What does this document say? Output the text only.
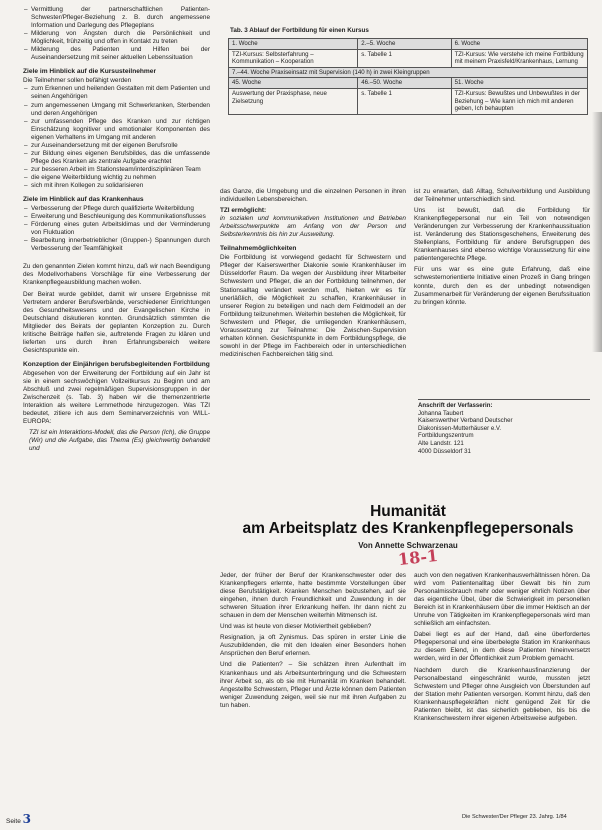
– Vermittlung der partnerschaftlichen Patienten-Schwester/Pfleger-Beziehung z. B. durch angemessene Information und Darlegung des Pflegeplans
– Milderung von Ängsten durch die Persönlichkeit und Möglichkeit, frühzeitig und offen in Kontakt zu treten
– Milderung des Patienten und Hilfen bei der Auseinandersetzung mit seiner aktuellen Lebenssituation
Ziele im Hinblick auf die Kursusteilnehmer

Die Teilnehmer sollen befähigt werden

– zum Erkennen und heilenden Gestalten mit dem Patienten und seinen Angehörigen
– zum angemessenen Umgang mit Schwerkranken, Sterbenden und deren Angehörigen
– zur umfassenden Pflege des Kranken und zur richtigen Einschätzung kognitiver und emotionaler Komponenten des eigenen Verhaltens im Umgang mit anderen
– zur Auseinandersetzung mit der eigenen Berufsrolle
– zur Bildung eines eigenen Berufsbildes, das die umfassende Pflege des Kranken als zentrale Aufgabe erachtet
– zur besseren Arbeit im Stationsteam/interdisziplinären Team
– die eigene Weiterbildung wichtig zu nehmen
– sich mit ihren Kollegen zu solidarisieren
Ziele im Hinblick auf das Krankenhaus
– Verbesserung der Pflege durch qualifizierte Weiterbildung
– Erweiterung und Beschleunigung des Kommunikationsflusses
– Förderung eines guten Arbeitsklimas und der Verminderung von Fluktuation
– Bearbeitung innerbetrieblicher (Gruppen-) Spannungen durch Verbesserung der Teamfähigkeit

Zu den genannten Zielen kommt hinzu, daß wir nach Beendigung des Modellvorhabens Vorschläge für eine Verbesserung der Krankenpflegeausbildung machen wollen.

Der Beirat wurde gebildet, damit wir unsere Ergebnisse mit Vertretern anderer Berufsverbände, verschiedener Einrichtungen des Gesundheitswesens und der Evangelischen Kirche in Deutschland diskutieren konnten. Grundsätzlich stimmten die Mitglieder des Beirats der geplanten Konzeption zu. Durch kritische Beiträge halfen sie, auftretende Fragen zu klären und lieferten uns durch ihren Erfahrungsbereich weitere Gesichtspunkte ein.

Konzeption der Einjährigen berufsbegleitenden Fortbildung

Abgesehen von der Erweiterung der Fortbildung auf ein Jahr ist sie in einem sechswöchigen Vollzeitkursus zu Beginn und am Abschluß und zwei regelmäßigen Supervisionsgruppen in der Zwischenzeit (s. Tab. 3) haben wir die themenzentrierte Interaktion als weitere Lernmethode hinzugezogen. Was TZI bedeutet, zitiere ich aus dem Seminarverzeichnis von WILL-EUROPA:

TZI ist ein Interaktions-Modell, das die Person (Ich), die Gruppe (Wir) und die Aufgabe, das Thema (Es) gleichwertig behandelt und

Tab. 3 Ablauf der Fortbildung für einen Kursus
1. Woche	2.–5. Woche	6. Woche
TZI-Kursus: Selbsterfahrung – Kommunikation – Kooperation	s. Tabelle 1	TZI-Kursus: Wie verstehe ich meine Fortbildung mit meinem Praxisfeld/Krankenhaus, Lernung
7.–44. Woche Praxiseinsatz mit Supervision (140 h) in zwei Kleingruppen		
45. Woche	46.–50. Woche	51. Woche
Auswertung der Praxisphase, neue Zielsetzung	s. Tabelle 1	TZI-Kursus: Bewußtes und Unbewußtes in der Beziehung – Wie kann ich mich mit anderen geben, Ich behaupten

das Ganze, die Umgebung und die einzelnen Personen in ihren individuellen Lebensbereichen.

TZI ermöglicht:

in sozialen und kommunikativen Institutionen und Betrieben Arbeitsschwerpunkte am Anfang von der Person und Selbsterkenntnis bis hin zur Ausweitung.

Teilnahmemöglichkeiten

Die Fortbildung ist vorwiegend gedacht für Schwestern und Pfleger der Kaiserswerther Diakonie sowie Krankenhäuser im Düsseldorfer Raum. Da wegen der Ausbildung ihrer Mitarbeiter Schwestern und Pfleger, die an der Fortbildung teilnehmen, der Stationsalltag verändert werden muß, hielten wir es für unerläßlich, die Möglichkeit zu schaffen, Krankenhäuser in unserer Region zu beteiligen und nach dem Feldmodell an der Fortbildung teilzunehmen. Weiterhin bestehen die Möglichkeit, für Schwestern und Pfleger, die umliegenden Krankenhäusern, Voraussetzung zur Teilnahme: Die Zwischen-Supervision erhalten können. Gesichtspunkte in dem Fortbildungspflege, die sowohl in der Pflege im Fachbereich oder in unterschiedlichen medizinischen Fachbereichen tätig sind.

ist zu erwarten, daß Alltag, Schulverbildung und Ausbildung der Teilnehmer unterschiedlich sind.

Uns ist bewußt, daß die Fortbildung für Krankenpflegepersonal nur ein Teil von notwendigen Veränderungen zur Verbesserung der Krankenhaussituation ist. Veränderung des Stationsgeschehens, Erweiterung des Stellenplans, Fortbildung für andere Berufsgruppen des Krankenhauses sind ebenso wichtige Voraussetzung für eine patientengerechte Pflege.

Für uns war es eine gute Erfahrung, daß eine schwesternorientierte Initiative einen Prozeß in Gang bringen konnte, durch den es der unbedingt notwendigen Zusammenarbeit für Veränderung der eigenen Berufssituation zu bringen könnte.

Anschrift der Verfasserin:
Johanna Taubert
Kaiserswerther Verband Deutscher
Diakonissen-Mutterhäuser e.V.
Fortbildungszentrum
Alte Landstr. 121
4000 Düsseldorf 31
Humanität
am Arbeitsplatz des Krankenpflegepersonals
Von Annette Schwarzenau
18-1

Jeder, der früher der Beruf der Krankenschwester oder des Krankenpflegers erlernte, hatte bestimmte Vorstellungen über diese Berufstätigkeit. Kranken Menschen beizustehen, auf sie eingehen, ihnen durch Freundlichkeit und Zuwendung in der schweren Situation ihrer Erkrankung helfen. Ihr dann nicht zu schauen in dem der Menschen weiterhin Mitmensch ist.

Und was ist heute von dieser Motiviertheit geblieben?

Resignation, ja oft Zynismus. Das spüren in erster Linie die Auszubildenden, die mit den Idealen einer Besonders hohen Ansprüchen den Beruf erlernen.

Und die Patienten? – Sie schätzen ihren Aufenthalt im Krankenhaus und als Arbeitsunterbringung und die Schwestern ihrer Arbeit so, als ob sie mit Humanität im Kranken behandelt. Angestellte Schwestern, Pfleger und Ärzte können dem Patienten weniger Zuwendung zeigen, weil sie nur mit ihren Aufgaben zu tun haben.

auch von den negativen Krankenhausverhältnissen hören. Da wird vom Patientenalltag über Gewalt bis hin zum Personalmissbrauch mehr oder weniger ehrlich Notizen über das eigentliche Übel, über die Schwierigkeit im personellen Bereich ist in Krankenhäusern über die immer Hektisch an der Unruhe von Tätigkeiten im Krankenpflegepersonals wird man schließlich am einfachsten.

Dabei liegt es auf der Hand, daß eine überfordertes Pflegepersonal und eine überbelegte Station im Krankenhaus zu diesem Elend, in dem diese Patienten hineinversetzt werden, wird in der Öffentlichkeit zum Problem gemacht.

Nachdem durch die Krankenhausfinanzierung der Personalbestand eingeschränkt wurde, mussten jetzt Schwestern und Pfleger ohne Ausgleich von Überstunden auf der Station mehr Patienten versorgen. Kommt hinzu, daß den Krankenhauspflegekräften nicht genügend Zeit für die Patienten bleibt, ist das sicherlich geblieben, bis bis die Krankenschwestern ihrer eigenen Arbeitsweise aufgeben.

Seite 3	Die Schwester/Der Pfleger 23. Jahrg. 1/84
